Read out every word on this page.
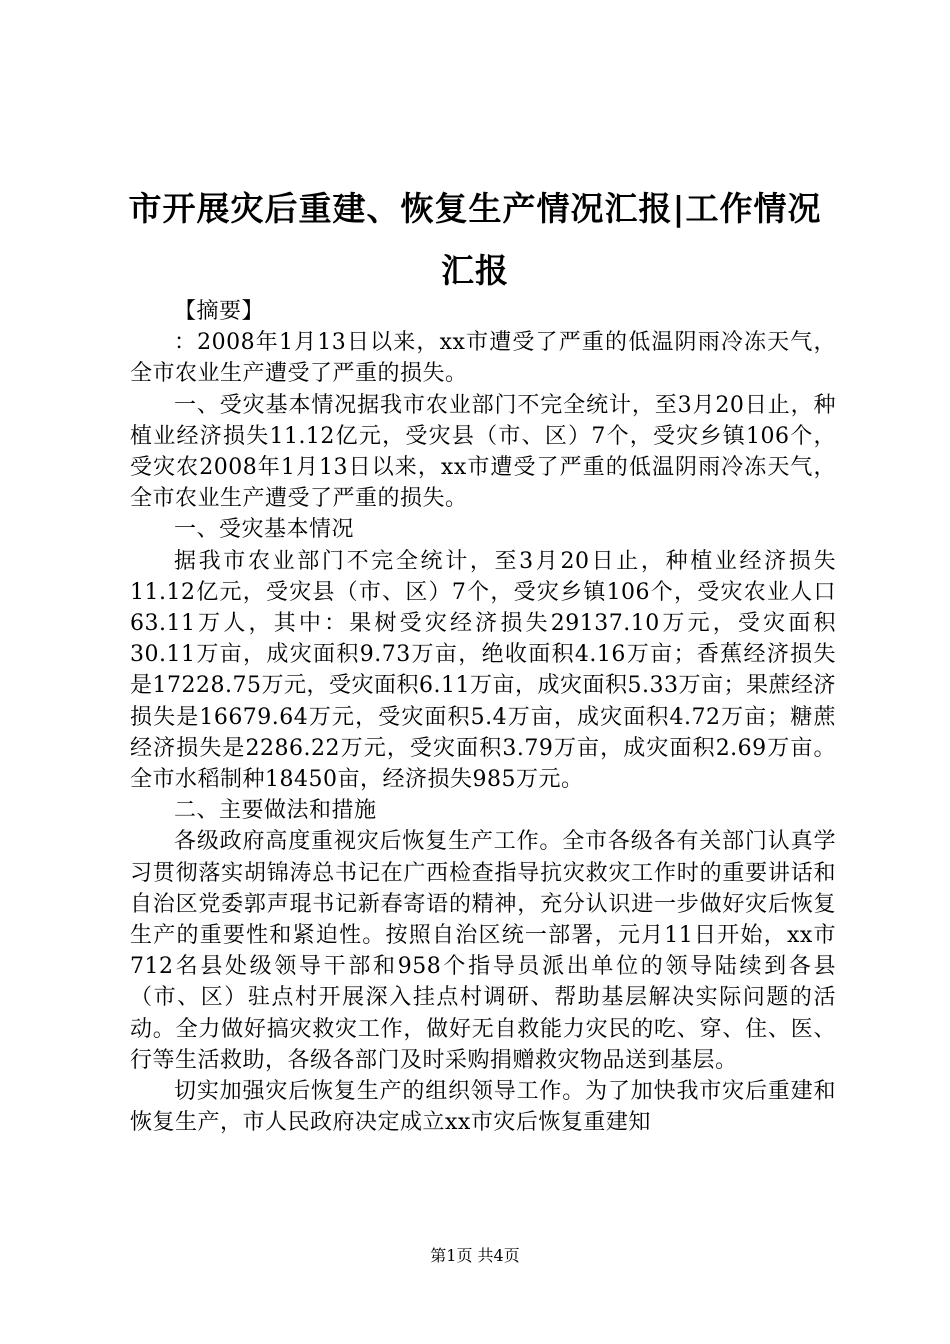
市开展灾后重建、恢复生产情况汇报|工作情况汇报

【摘要】

：2008年1月13日以来，xx市遭受了严重的低温阴雨冷冻天气，全市农业生产遭受了严重的损失。

一、受灾基本情况据我市农业部门不完全统计，至3月20日止，种植业经济损失11.12亿元，受灾县（市、区）7个，受灾乡镇106个，受灾农2008年1月13日以来，xx市遭受了严重的低温阴雨冷冻天气，全市农业生产遭受了严重的损失。

一、受灾基本情况

据我市农业部门不完全统计，至3月20日止，种植业经济损失11.12亿元，受灾县（市、区）7个，受灾乡镇106个，受灾农业人口63.11万人，其中：果树受灾经济损失29137.10万元，受灾面积30.11万亩，成灾面积9.73万亩，绝收面积4.16万亩；香蕉经济损失是17228.75万元，受灾面积6.11万亩，成灾面积5.33万亩；果蔗经济损失是16679.64万元，受灾面积5.4万亩，成灾面积4.72万亩；糖蔗经济损失是2286.22万元，受灾面积3.79万亩，成灾面积2.69万亩。全市水稻制种18450亩，经济损失985万元。

二、主要做法和措施

各级政府高度重视灾后恢复生产工作。全市各级各有关部门认真学习贯彻落实胡锦涛总书记在广西检查指导抗灾救灾工作时的重要讲话和自治区党委郭声琨书记新春寄语的精神，充分认识进一步做好灾后恢复生产的重要性和紧迫性。按照自治区统一部署，元月11日开始，xx市712名县处级领导干部和958个指导员派出单位的领导陆续到各县（市、区）驻点村开展深入挂点村调研、帮助基层解决实际问题的活动。全力做好搞灾救灾工作，做好无自救能力灾民的吃、穿、住、医、行等生活救助，各级各部门及时采购捐赠救灾物品送到基层。

切实加强灾后恢复生产的组织领导工作。为了加快我市灾后重建和恢复生产，市人民政府决定成立xx市灾后恢复重建知

第1页 共4页
